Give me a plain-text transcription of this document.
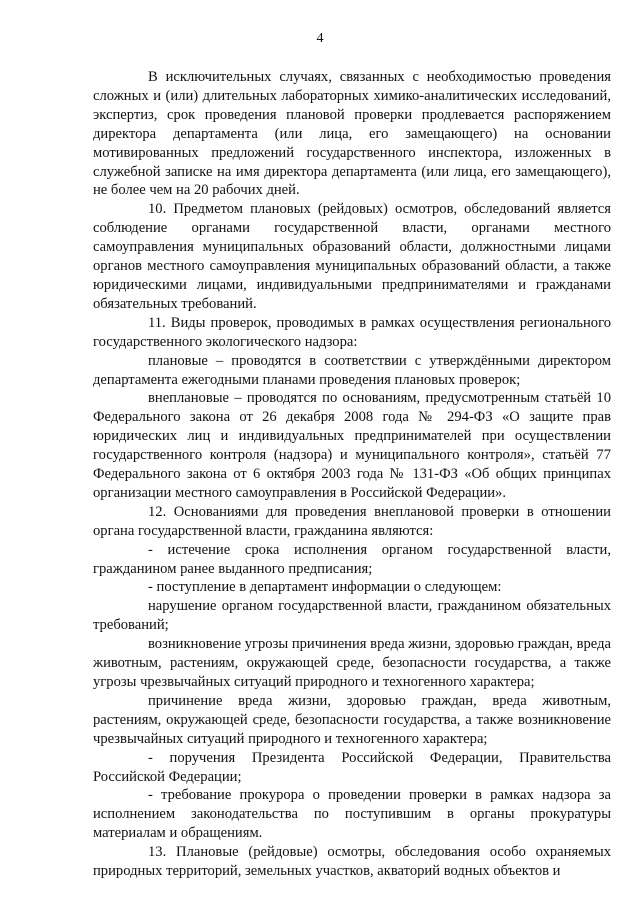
4

В исключительных случаях, связанных с необходимостью проведения сложных и (или) длительных лабораторных химико-аналитических исследований, экспертиз, срок проведения плановой проверки продлевается распоряжением директора департамента (или лица, его замещающего) на основании мотивированных предложений государственного инспектора, изложенных в служебной записке на имя директора департамента (или лица, его замещающего), не более чем на 20 рабочих дней.

10. Предметом плановых (рейдовых) осмотров, обследований является соблюдение органами государственной власти, органами местного самоуправления муниципальных образований области, должностными лицами органов местного самоуправления муниципальных образований области, а также юридическими лицами, индивидуальными предпринимателями и гражданами обязательных требований.

11. Виды проверок, проводимых в рамках осуществления регионального государственного экологического надзора:

плановые – проводятся в соответствии с утверждёнными директором департамента ежегодными планами проведения плановых проверок;

внеплановые – проводятся по основаниям, предусмотренным статьёй 10 Федерального закона от 26 декабря 2008 года № 294-ФЗ «О защите прав юридических лиц и индивидуальных предпринимателей при осуществлении государственного контроля (надзора) и муниципального контроля», статьёй 77 Федерального закона от 6 октября 2003 года № 131-ФЗ «Об общих принципах организации местного самоуправления в Российской Федерации».

12. Основаниями для проведения внеплановой проверки в отношении органа государственной власти, гражданина являются:

- истечение срока исполнения органом государственной власти, гражданином ранее выданного предписания;

- поступление в департамент информации о следующем:

нарушение органом государственной власти, гражданином обязательных требований;

возникновение угрозы причинения вреда жизни, здоровью граждан, вреда животным, растениям, окружающей среде, безопасности государства, а также угрозы чрезвычайных ситуаций природного и техногенного характера;

причинение вреда жизни, здоровью граждан, вреда животным, растениям, окружающей среде, безопасности государства, а также возникновение чрезвычайных ситуаций природного и техногенного характера;

- поручения Президента Российской Федерации, Правительства Российской Федерации;

- требование прокурора о проведении проверки в рамках надзора за исполнением законодательства по поступившим в органы прокуратуры материалам и обращениям.

13. Плановые (рейдовые) осмотры, обследования особо охраняемых природных территорий, земельных участков, акваторий водных объектов и
